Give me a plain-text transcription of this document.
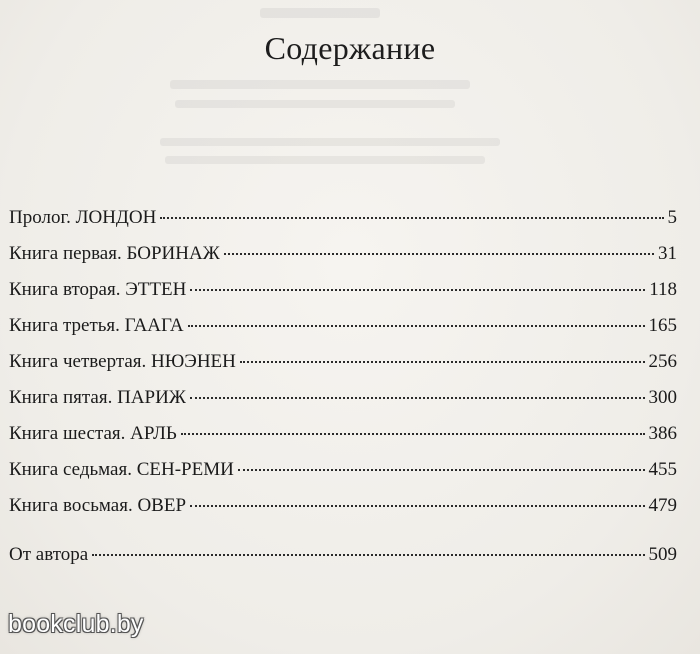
Содержание
Пролог. ЛОНДОН	5
Книга первая. БОРИНАЖ	31
Книга вторая. ЭТТЕН	118
Книга третья. ГААГА	165
Книга четвертая. НЮЭНЕН	256
Книга пятая. ПАРИЖ	300
Книга шестая. АРЛЬ	386
Книга седьмая. СЕН-РЕМИ	455
Книга восьмая. ОВЕР	479
От автора	509
bookclub.by
